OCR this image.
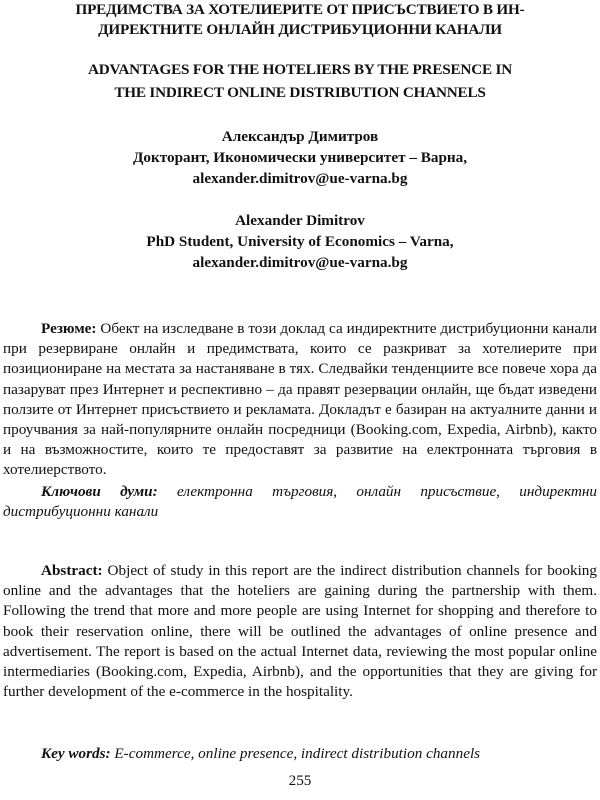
ПРЕДИМСТВА ЗА ХОТЕЛИЕРИТЕ ОТ ПРИСЪСТВИЕТО В ИН-
ДИРЕКТНИТЕ ОНЛАЙН ДИСТРИБУЦИОННИ КАНАЛИ
ADVANTAGES FOR THE HOTELIERS BY THE PRESENCE IN
THE INDIRECT ONLINE DISTRIBUTION CHANNELS
Александър Димитров
Докторант, Икономически университет – Варна,
alexander.dimitrov@ue-varna.bg
Alexander Dimitrov
PhD Student, University of Economics – Varna,
alexander.dimitrov@ue-varna.bg

Резюме: Обект на изследване в този доклад са индиректните дистрибуционни канали при резервиране онлайн и предимствата, които се разкриват за хотелиерите при позициониране на местата за настаняване в тях. Следвайки тенденциите все повече хора да пазаруват през Интернет и респективно – да правят резервации онлайн, ще бъдат изведени ползите от Интернет присъствието и рекламата. Докладът е базиран на актуалните данни и проучвания за най-популярните онлайн посредници (Booking.com, Expedia, Airbnb), както и на възможностите, които те предоставят за развитие на електронната търговия в хотелиерството.

Ключови думи: електронна търговия, онлайн присъствие, индиректни дистрибуционни канали

Abstract: Object of study in this report are the indirect distribution channels for booking online and the advantages that the hoteliers are gaining during the partnership with them. Following the trend that more and more people are using Internet for shopping and therefore to book their reservation online, there will be outlined the advantages of online presence and advertisement. The report is based on the actual Internet data, reviewing the most popular online intermediaries (Booking.com, Expedia, Airbnb), and the opportunities that they are giving for further development of the e-commerce in the hospitality.

Key words: E-commerce, online presence, indirect distribution channels

255
